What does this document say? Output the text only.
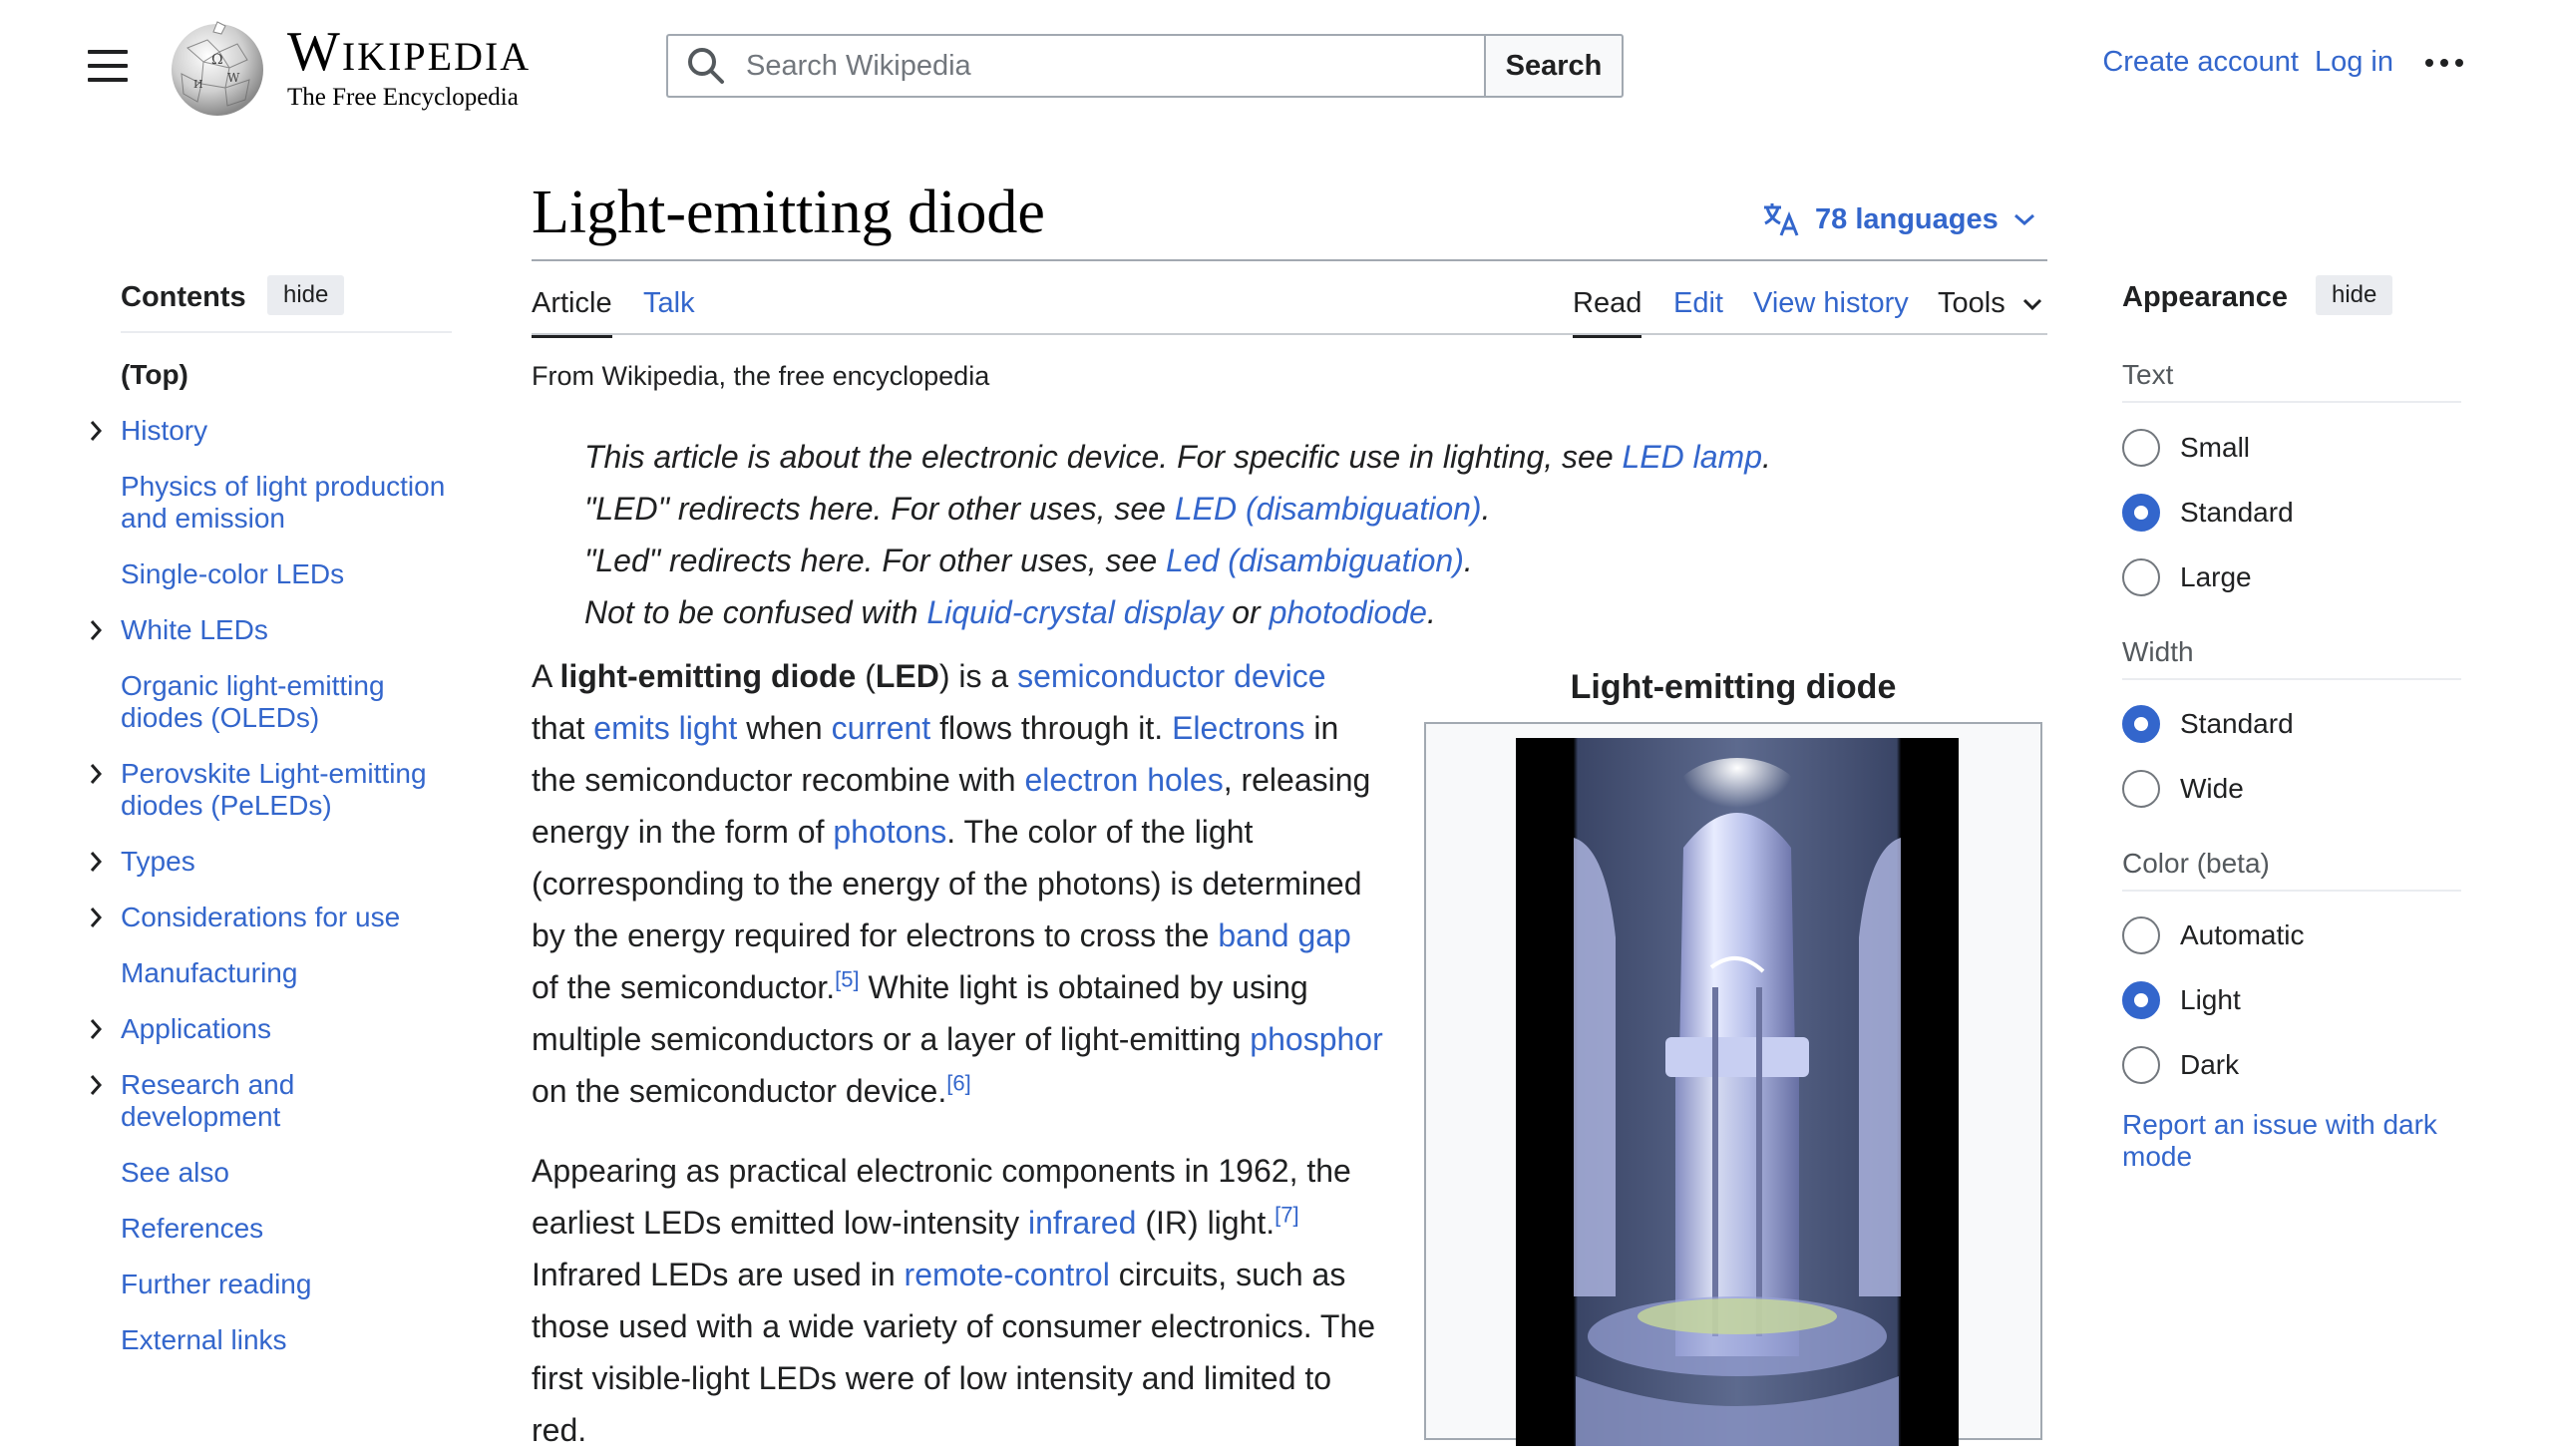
Ω
W
И
WIKIPEDIA
The Free Encyclopedia
Search Wikipedia
Search	Create account Log in
Light-emitting diode	78 languages
Article Talk	Read Edit View history Tools
From Wikipedia, the free encyclopedia
This article is about the electronic device. For specific use in lighting, see LED lamp.
"LED" redirects here. For other uses, see LED (disambiguation).
"Led" redirects here. For other uses, see Led (disambiguation).
Not to be confused with Liquid-crystal display or photodiode.
A light-emitting diode (LED) is a semiconductor device
that emits light when current flows through it. Electrons in
the semiconductor recombine with electron holes, releasing
energy in the form of photons. The color of the light
(corresponding to the energy of the photons) is determined
by the energy required for electrons to cross the band gap
of the semiconductor.[5] White light is obtained by using
multiple semiconductors or a layer of light-emitting phosphor
on the semiconductor device.[6]
Appearing as practical electronic components in 1962, the
earliest LEDs emitted low-intensity infrared (IR) light.[7]
Infrared LEDs are used in remote-control circuits, such as
those used with a wide variety of consumer electronics. The
first visible-light LEDs were of low intensity and limited to
red.
Light-emitting diode
Contents	hide
(Top)
History
Physics of light production and emission
Single-color LEDs
White LEDs
Organic light-emitting diodes (OLEDs)
Perovskite Light-emitting diodes (PeLEDs)
Types
Considerations for use
Manufacturing
Applications
Research and development
See also
References
Further reading
External links
Appearance	hide
Text
Small
Standard
Large
Width
Standard
Wide
Color (beta)
Automatic
Light
Dark
Report an issue with dark mode
